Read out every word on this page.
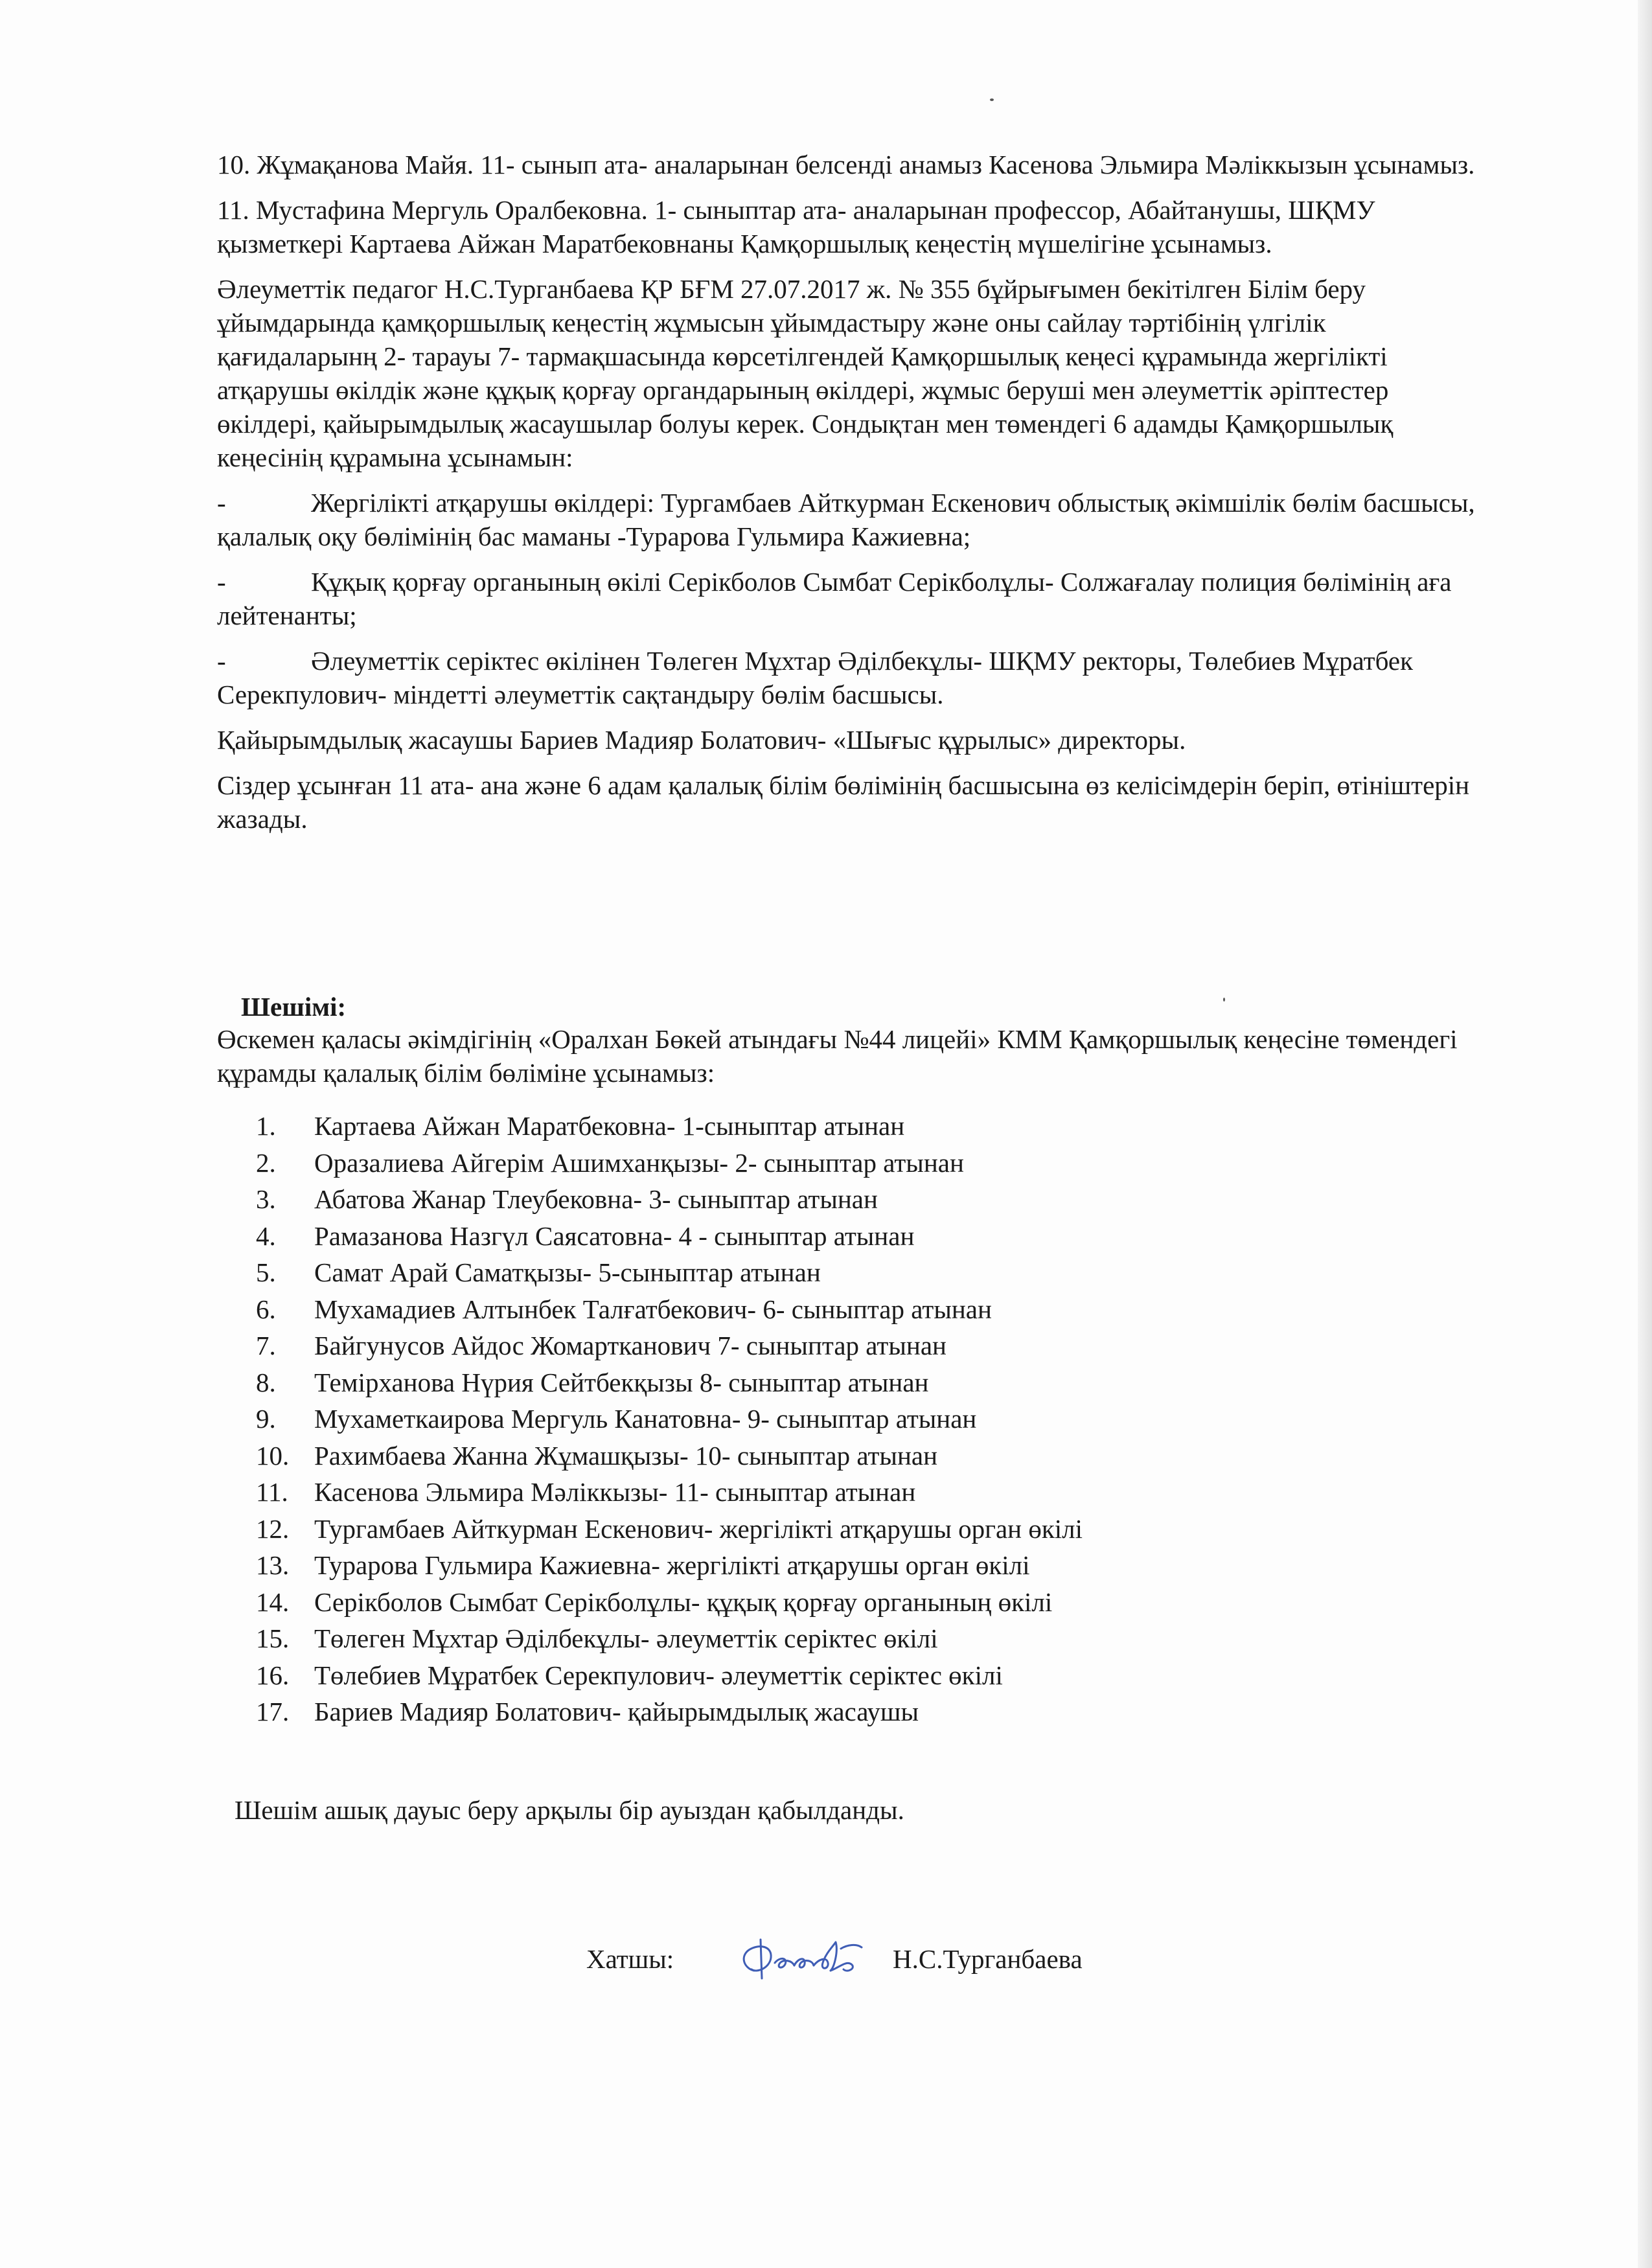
10. Жұмақанова Майя. 11- сынып ата- аналарынан белсенді анамыз Касенова Эльмира Мәліккызын ұсынамыз.

11. Мустафина Мергуль Оралбековна. 1- сыныптар ата- аналарынан профессор, Абайтанушы, ШҚМУ қызметкері Картаева Айжан Маратбековнаны Қамқоршылық кеңестің мүшелігіне ұсынамыз.

Әлеуметтік педагог Н.С.Турганбаева ҚР БҒМ 27.07.2017 ж. № 355 бұйрығымен бекітілген Білім беру ұйымдарында қамқоршылық кеңестің жұмысын ұйымдастыру және оны сайлау тәртібінің үлгілік қағидаларынң 2- тарауы 7- тармақшасында көрсетілгендей Қамқоршылық кеңесі құрамында жергілікті атқарушы өкілдік және құқық қорғау органдарының өкілдері, жұмыс беруші мен әлеуметтік әріптестер өкілдері, қайырымдылық жасаушылар болуы керек. Сондықтан мен төмендегі 6 адамды Қамқоршылық кеңесінің құрамына ұсынамын:

-	Жергілікті атқарушы өкілдері: Тургамбаев Айткурман Ескенович облыстық әкімшілік бөлім басшысы, қалалық оқу бөлімінің бас маманы -Турарова Гульмира Кажиевна;
-	Құқық қорғау органының өкілі Серікболов Сымбат Серікболұлы- Солжағалау полиция бөлімінің аға лейтенанты;
-	Әлеуметтік серіктес өкілінен Төлеген Мұхтар Әділбекұлы- ШҚМУ ректоры, Төлебиев Мұратбек Серекпулович- міндетті әлеуметтік сақтандыру бөлім басшысы.

Қайырымдылық жасаушы Бариев Мадияр Болатович- «Шығыс құрылыс» директоры.

Сіздер ұсынған 11 ата- ана және 6 адам қалалық білім бөлімінің басшысына өз келісімдерін беріп, өтініштерін жазады.

Шешімі:
Өскемен қаласы әкімдігінің «Оралхан Бөкей атындағы №44 лицейі» КММ Қамқоршылық кеңесіне төмендегі құрамды қалалық білім бөліміне ұсынамыз:
1.	Картаева Айжан Маратбековна- 1-сыныптар атынан
2.	Оразалиева Айгерім Ашимханқызы- 2- сыныптар атынан
3.	Абатова Жанар Тлеубековна- 3- сыныптар атынан
4.	Рамазанова Назгүл Саясатовна- 4 - сыныптар атынан
5.	Самат Арай Саматқызы- 5-сыныптар атынан
6.	Мухамадиев Алтынбек Талғатбекович- 6- сыныптар атынан
7.	Байгунусов Айдос Жомартканович 7- сыныптар атынан
8.	Темірханова Нүрия Сейтбекқызы 8- сыныптар атынан
9.	Мухаметкаирова Мергуль Канатовна- 9- сыныптар атынан
10. Рахимбаева Жанна Жұмашқызы- 10- сыныптар атынан
11. Касенова Эльмира Мәліккызы- 11- сыныптар атынан
12. Тургамбаев Айткурман Ескенович- жергілікті атқарушы орган өкілі
13. Турарова Гульмира Кажиевна- жергілікті атқарушы орган өкілі
14. Серікболов Сымбат Серікболұлы- құқық қорғау органының өкілі
15. Төлеген Мұхтар Әділбекұлы- әлеуметтік серіктес өкілі
16. Төлебиев Мұратбек Серекпулович- әлеуметтік серіктес өкілі
17. Бариев Мадияр Болатович- қайырымдылық жасаушы
Шешім ашық дауыс беру арқылы бір ауыздан қабылданды.
Хатшы:	Н.С.Турганбаева
